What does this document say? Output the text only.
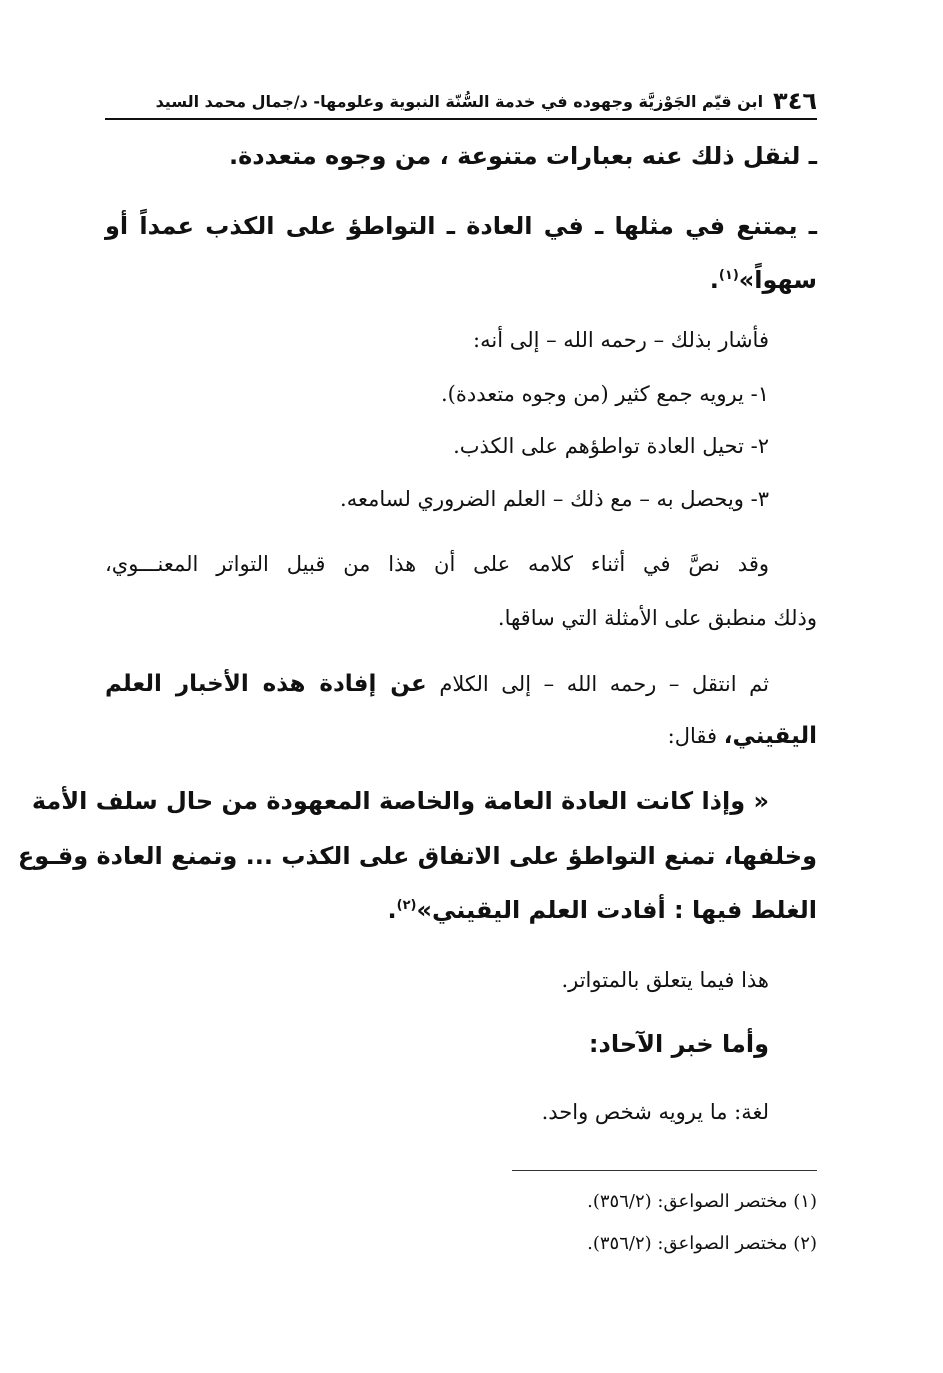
٣٤٦
ابن قيّم الجَوْزيَّة وجهوده في خدمة السُّنّة النبوية وعلومها- د/جمال محمد السيد

ـ لنقل ذلك عنه بعبارات متنوعة ، من وجوه متعددة.

ـ يمتنع في مثلها ـ في العادة ـ التواطؤ على الكذب عمداً أو

سهواً»$^{(١)}$.

فأشار بذلك – رحمه الله – إلى أنه:

١- يرويه جمع كثير (من وجوه متعددة).

٢- تحيل العادة تواطؤهم على الكذب.

٣- ويحصل به – مع ذلك – العلم الضروري لسامعه.

وقد نصَّ في أثناء كلامه على أن هذا من قبيل التواتر المعنـــوي،

وذلك منطبق على الأمثلة التي ساقها.

ثم انتقل – رحمه الله – إلى الكلام عن إفادة هذه الأخبار العلم

اليقيني، فقال:

« وإذا كانت العادة العامة والخاصة المعهودة من حال سلف الأمة

وخلفها، تمنع التواطؤ على الاتفاق على الكذب ... وتمنع العادة وقـوع

الغلط فيها : أفادت العلم اليقيني»$^{(٢)}$.

هذا فيما يتعلق بالمتواتر.

وأما خبر الآحاد:

لغة: ما يرويه شخص واحد.

(١) مختصر الصواعق: (٣٥٦/٢).
(٢) مختصر الصواعق: (٣٥٦/٢).
